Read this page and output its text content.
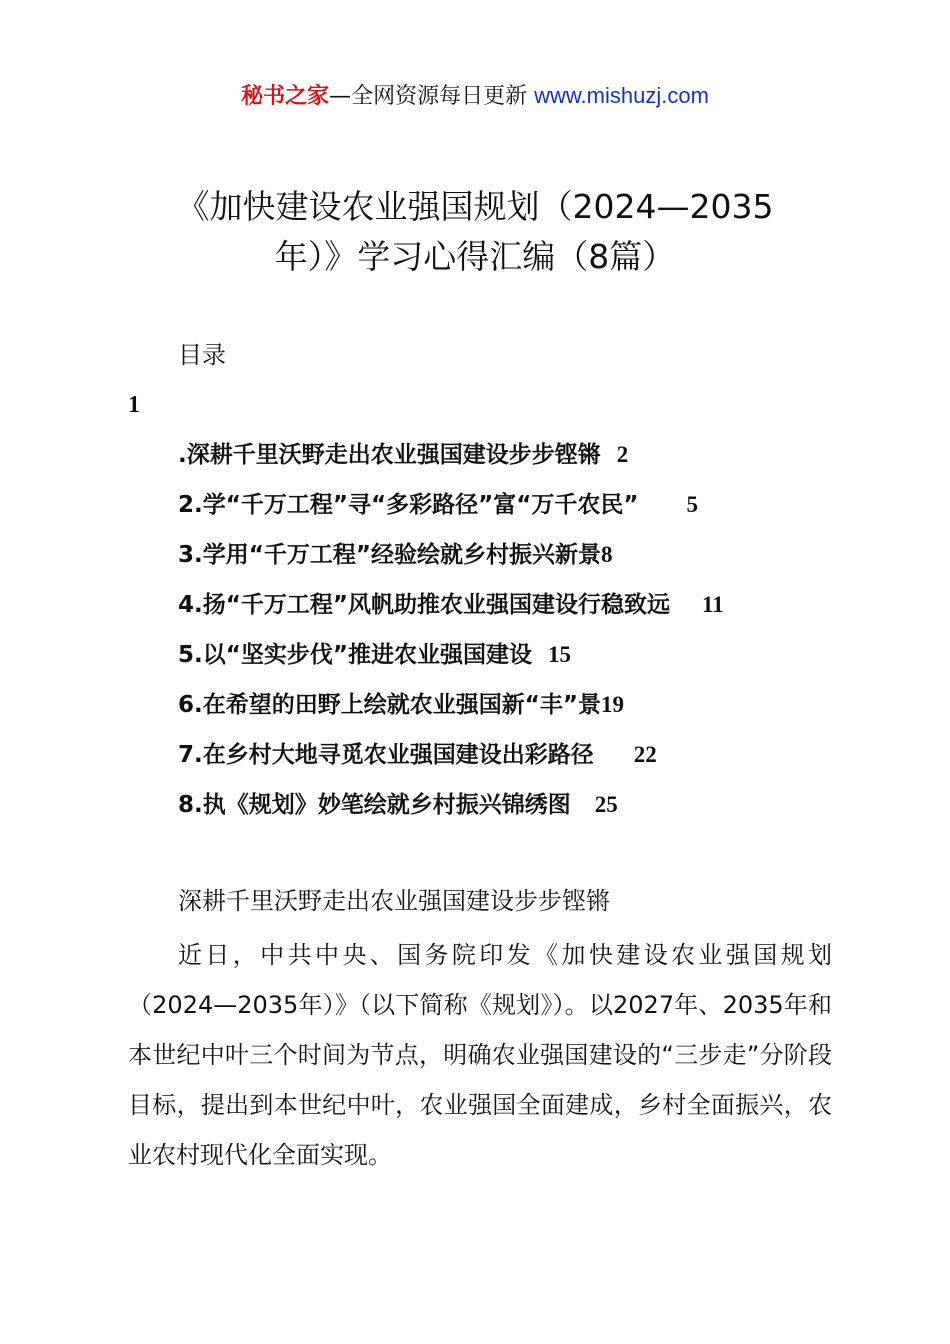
秘书之家—全网资源每日更新 www.mishuzj.com
《加快建设农业强国规划（2024—2035
年）》学习心得汇编（8篇）
目录
1
.深耕千里沃野走出农业强国建设步步铿锵 2
2.学“千万工程”寻“多彩路径”富“万千农民” 5
3.学用“千万工程”经验绘就乡村振兴新景8
4.扬“千万工程”风帆助推农业强国建设行稳致远 11
5.以“坚实步伐”推进农业强国建设 15
6.在希望的田野上绘就农业强国新“丰”景19
7.在乡村大地寻觅农业强国建设出彩路径 22
8.执《规划》妙笔绘就乡村振兴锦绣图 25
深耕千里沃野走出农业强国建设步步铿锵
近日，中共中央、国务院印发《加快建设农业强国规划（2024—2035年）》（以下简称《规划》）。以2027年、2035年和本世纪中叶三个时间为节点，明确农业强国建设的“三步走”分阶段目标，提出到本世纪中叶，农业强国全面建成，乡村全面振兴，农业农村现代化全面实现。
